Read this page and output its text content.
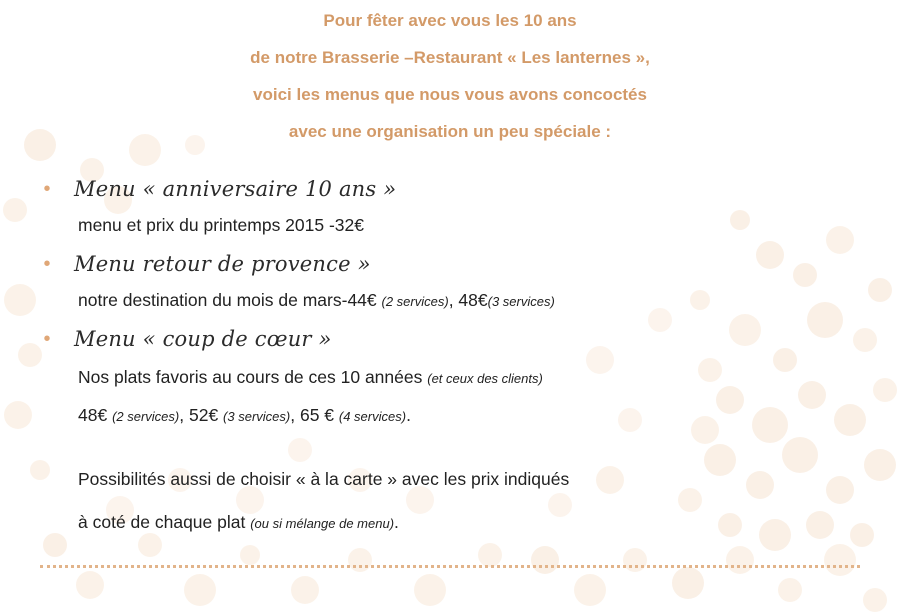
Pour fêter avec vous les 10 ans
de notre Brasserie –Restaurant « Les lanternes »,
voici les menus que nous vous avons concoctés
avec une organisation un peu spéciale :
• Menu « anniversaire 10 ans »
menu et prix du printemps 2015 -32€
• Menu retour de provence »
notre destination du mois de mars-44€ (2 services), 48€(3 services)
• Menu « coup de cœur »
Nos plats favoris au cours de ces 10 années (et ceux des clients)
48€ (2 services), 52€ (3 services), 65 € (4 services).
Possibilités aussi de choisir « à la carte » avec les prix indiqués
à coté de chaque plat (ou si mélange de menu).
